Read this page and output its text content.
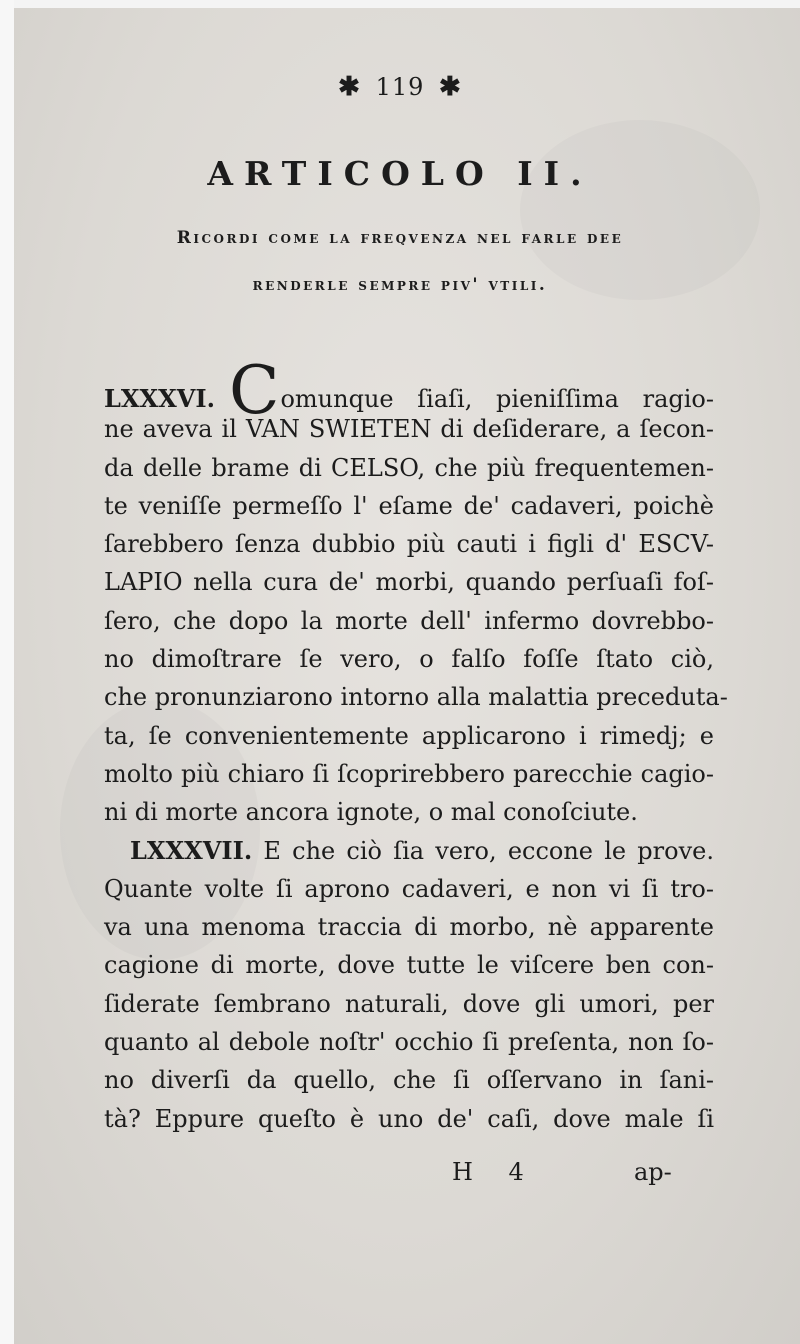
✱ 119 ✱
ARTICOLO II.
Ricordi come la freqvenza nel farle dee
renderle sempre piv' vtili.
LXXXVI. Comunque ſiaſi, pieniſſima ragio-
ne aveva il VAN SWIETEN di deſiderare, a ſecon-
da delle brame di CELSO, che più frequentemen-
te veniſſe permeſſo l' eſame de' cadaveri, poichè
ſarebbero ſenza dubbio più cauti i figli d' ESCV-
LAPIO nella cura de' morbi, quando perſuaſi foſ-
ſero, che dopo la morte dell' infermo dovrebbo-
no dimoſtrare ſe vero, o falſo foſſe ſtato ciò,
che pronunziarono intorno alla malattia preceduta-
ta, ſe convenientemente applicarono i rimedj; e
molto più chiaro ſi ſcoprirebbero parecchie cagio-
ni di morte ancora ignote, o mal conoſciute.
LXXXVII. E che ciò ſia vero, eccone le prove.
Quante volte ſi aprono cadaveri, e non vi ſi tro-
va una menoma traccia di morbo, nè apparente
cagione di morte, dove tutte le viſcere ben con-
ſiderate ſembrano naturali, dove gli umori, per
quanto al debole noſtr' occhio ſi preſenta, non ſo-
no diverſi da quello, che ſi oſſervano in ſani-
tà? Eppure queſto è uno de' caſi, dove male ſi
H 4	ap-
